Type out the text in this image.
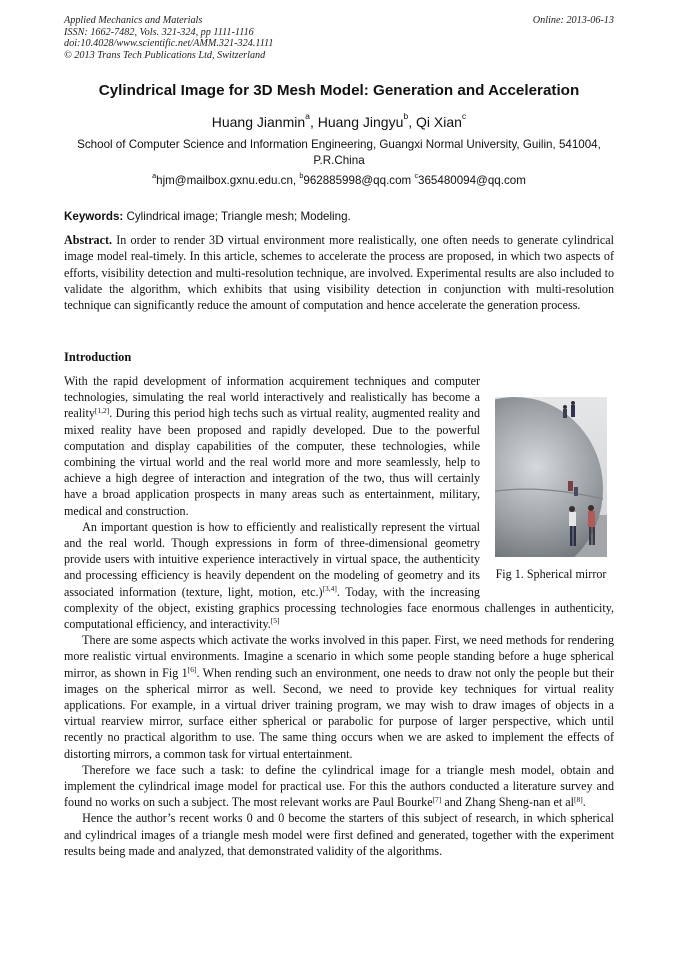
Applied Mechanics and Materials
ISSN: 1662-7482, Vols. 321-324, pp 1111-1116
doi:10.4028/www.scientific.net/AMM.321-324.1111
© 2013 Trans Tech Publications Ltd, Switzerland
Online: 2013-06-13
Cylindrical Image for 3D Mesh Model: Generation and Acceleration
Huang Jianmin$^a$, Huang Jingyu$^b$, Qi Xian$^c$
School of Computer Science and Information Engineering, Guangxi Normal University, Guilin, 541004, P.R.China
$^a$hjm@mailbox.gxnu.edu.cn, $^b$962885998@qq.com $^c$365480094@qq.com
Keywords: Cylindrical image; Triangle mesh; Modeling.
Abstract. In order to render 3D virtual environment more realistically, one often needs to generate cylindrical image model real-timely. In this article, schemes to accelerate the process are proposed, in which two aspects of efforts, visibility detection and multi-resolution technique, are involved. Experimental results are also included to validate the algorithm, which exhibits that using visibility detection in conjunction with multi-resolution technique can significantly reduce the amount of computation and hence accelerate the generation process.
Introduction
Fig 1. Spherical mirror

With the rapid development of information acquirement techniques and computer technologies, simulating the real world interactively and realistically has become a reality[1,2]. During this period high techs such as virtual reality, augmented reality and mixed reality have been proposed and rapidly developed. Due to the powerful computation and display capabilities of the computer, these technologies, while combining the virtual world and the real world more and more seamlessly, help to achieve a high degree of interaction and integration of the two, thus will certainly have a broad application prospects in many areas such as entertainment, military, medical and construction.

An important question is how to efficiently and realistically represent the virtual and the real world. Though expressions in form of three-dimensional geometry provide users with intuitive experience interactively in virtual space, the authenticity and processing efficiency is heavily dependent on the modeling of geometry and its associated information (texture, light, motion, etc.)[3,4]. Today, with the increasing complexity of the object, existing graphics processing technologies face enormous challenges in authenticity, computational efficiency, and interactivity.[5]

There are some aspects which activate the works involved in this paper. First, we need methods for rendering more realistic virtual environments. Imagine a scenario in which some people standing before a huge spherical mirror, as shown in Fig 1[6]. When rending such an environment, one needs to draw not only the people but their images on the spherical mirror as well. Second, we need to provide key techniques for virtual reality applications. For example, in a virtual driver training program, we may wish to draw images of objects in a virtual rearview mirror, surface either spherical or parabolic for purpose of larger perspective, which until recently no practical algorithm to use. The same thing occurs when we are asked to implement the effects of distorting mirrors, a common task for virtual entertainment.

Therefore we face such a task: to define the cylindrical image for a triangle mesh model, obtain and implement the cylindrical image model for practical use. For this the authors conducted a literature survey and found no works on such a subject. The most relevant works are Paul Bourke[7] and Zhang Sheng-nan et al[8].

Hence the author’s recent works 0 and 0 become the starters of this subject of research, in which spherical and cylindrical images of a triangle mesh model were first defined and generated, together with the experiment results being made and analyzed, that demonstrated validity of the algorithms.
